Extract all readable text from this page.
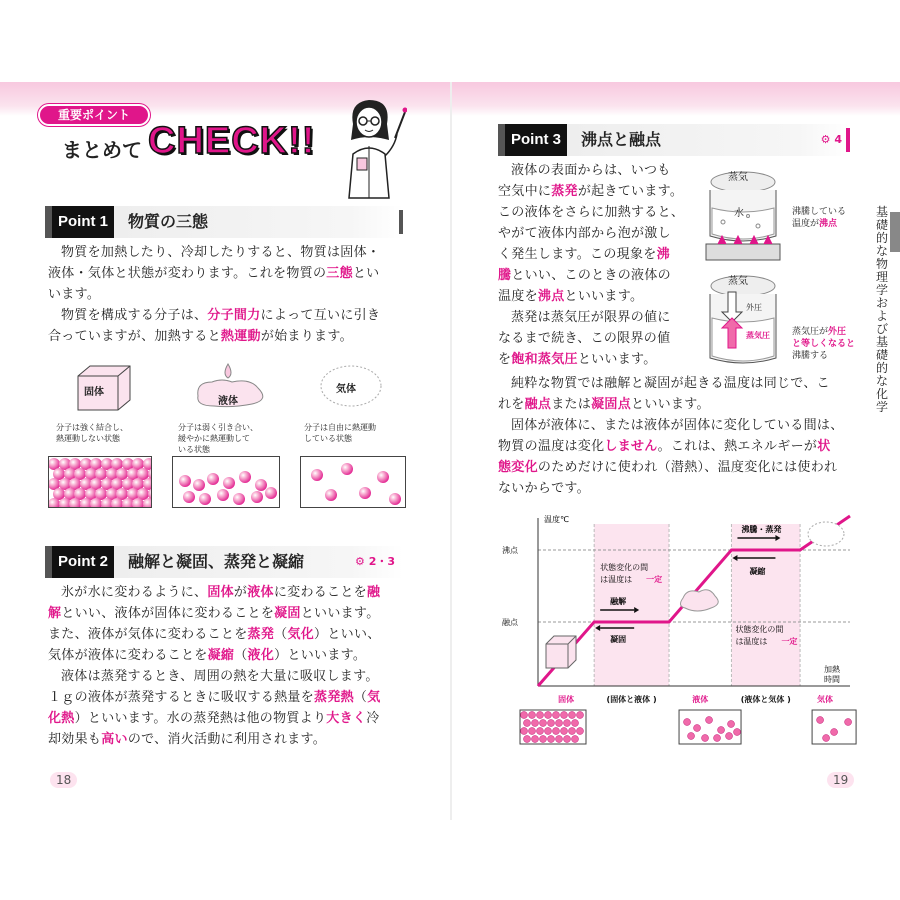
重要ポイント
まとめて CHECK!!
Point 1	物質の三態
物質を加熱したり、冷却したりすると、物質は固体・
液体・気体と状態が変わります。これを物質の三態とい
います。
物質を構成する分子は、分子間力によって互いに引き
合っていますが、加熱すると熱運動が始まります。
固体
液体
気体
分子は強く結合し、
熱運動しない状態
分子は弱く引き合い、
緩やかに熱運動して
いる状態
分子は自由に熱運動
している状態
Point 2	融解と凝固、蒸発と凝縮	⚙ 2・3
氷が水に変わるように、固体が液体に変わることを融
解といい、液体が固体に変わることを凝固といいます。
また、液体が気体に変わることを蒸発（気化）といい、
気体が液体に変わることを凝縮（液化）といいます。
液体は蒸発するとき、周囲の熱を大量に吸収します。
１ｇの液体が蒸発するときに吸収する熱量を蒸発熱（気
化熱）といいます。水の蒸発熱は他の物質より大きく冷
却効果も高いので、消火活動に利用されます。
18
Point 3	沸点と融点	⚙ 4
液体の表面からは、いつも
空気中に蒸発が起きています。
この液体をさらに加熱すると、
やがて液体内部から泡が激し
く発生します。この現象を沸
騰といい、このときの液体の
温度を沸点といいます。
蒸発は蒸気圧が限界の値に
なるまで続き、この限界の値
を飽和蒸気圧といいます。
蒸気
水	沸騰している
温度が沸点
蒸気
外圧
蒸気圧 蒸気圧が外圧
と等しくなると
沸騰する
純粋な物質では融解と凝固が起きる温度は同じで、こ
れを融点または凝固点といいます。
固体が液体に、または液体が固体に変化している間は、
物質の温度は変化しません。これは、熱エネルギーが状
態変化のためだけに使われ（潜熱）、温度変化には使われ
ないからです。
温度℃
加熱
時間
沸点
融点
状態変化の間
は温度は 一定
融解
凝固
沸騰・蒸発
凝縮
状態変化の間
は温度は 一定
固体	(固体と液体 )	液体	(液体と気体 )	気体
基礎的な物理学および基礎的な化学
19
